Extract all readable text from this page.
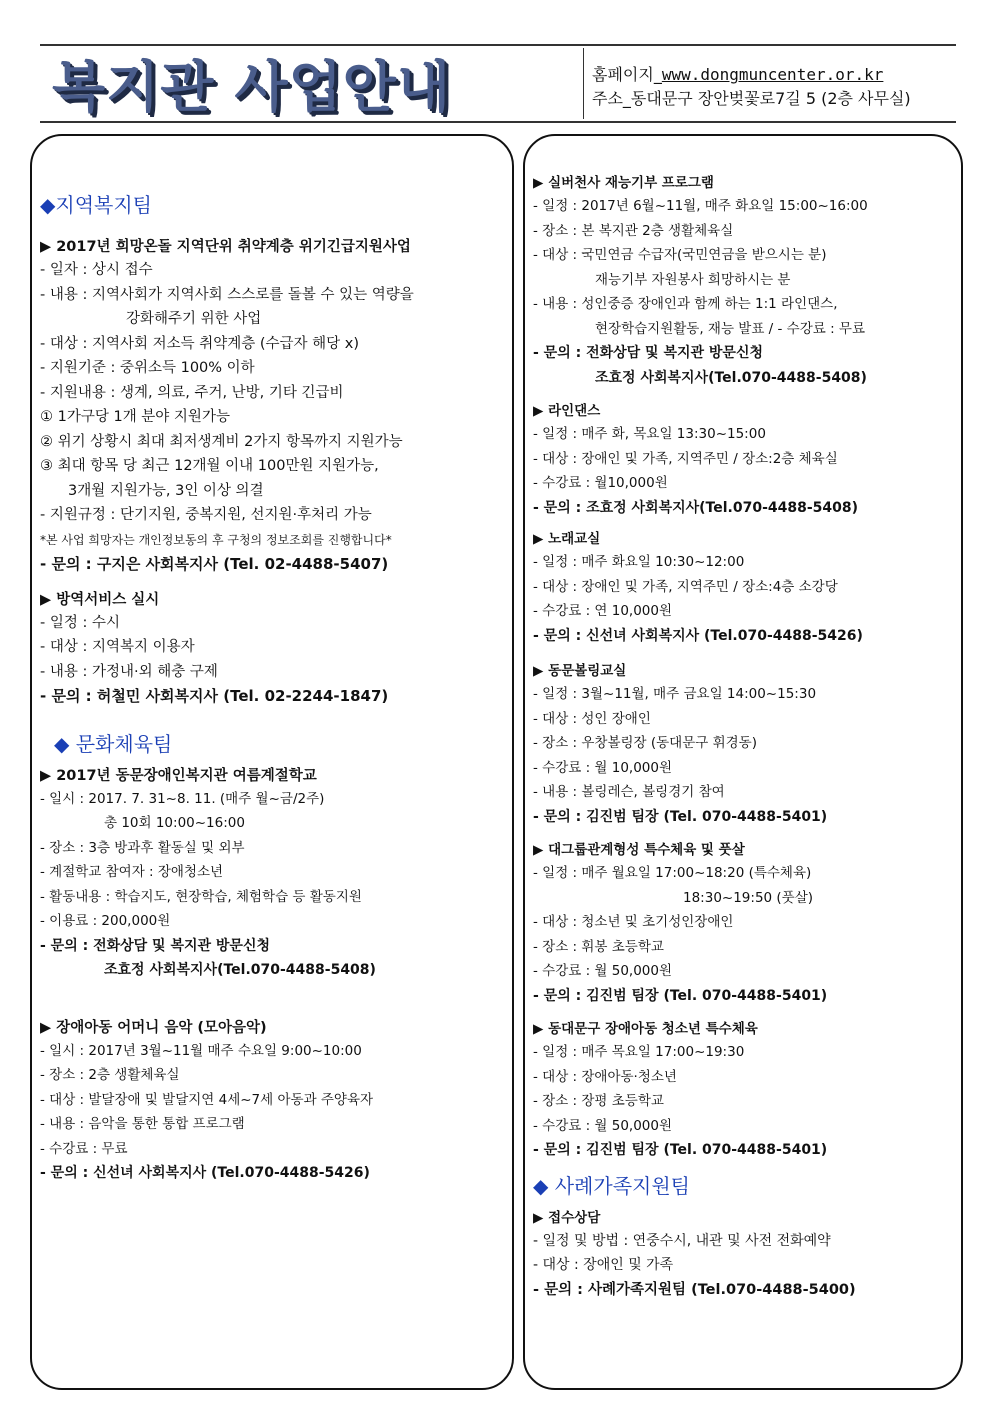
복지관 사업안내	홈페이지_www.dongmuncenter.or.kr
주소_동대문구 장안벚꽃로7길 5 (2층 사무실)
◆지역복지팀
▶ 2017년 희망온돌 지역단위 취약계층 위기긴급지원사업
- 일자 : 상시 접수
- 내용 : 지역사회가 지역사회 스스로를 돌볼 수 있는 역량을
강화해주기 위한 사업
- 대상 : 지역사회 저소득 취약계층 (수급자 해당 x)
- 지원기준 : 중위소득 100% 이하
- 지원내용 : 생계, 의료, 주거, 난방, 기타 긴급비
① 1가구당 1개 분야 지원가능
② 위기 상황시 최대 최저생계비 2가지 항목까지 지원가능
③ 최대 항목 당 최근 12개월 이내 100만원 지원가능,
3개월 지원가능, 3인 이상 의결
- 지원규정 : 단기지원, 중복지원, 선지원·후처리 가능
*본 사업 희망자는 개인정보동의 후 구청의 정보조회를 진행합니다*
- 문의 : 구지은 사회복지사 (Tel. 02-4488-5407)
▶ 방역서비스 실시
- 일정 : 수시
- 대상 : 지역복지 이용자
- 내용 : 가정내·외 해충 구제
- 문의 : 허철민 사회복지사 (Tel. 02-2244-1847)
◆ 문화체육팀
▶ 2017년 동문장애인복지관 여름계절학교
- 일시 : 2017. 7. 31~8. 11. (매주 월~금/2주)
총 10회 10:00~16:00
- 장소 : 3층 방과후 활동실 및 외부
- 계절학교 참여자 : 장애청소년
- 활동내용 : 학습지도, 현장학습, 체험학습 등 활동지원
- 이용료 : 200,000원
- 문의 : 전화상담 및 복지관 방문신청
조효정 사회복지사(Tel.070-4488-5408)
▶ 장애아동 어머니 음악 (모아음악)
- 일시 : 2017년 3월~11월 매주 수요일 9:00~10:00
- 장소 : 2층 생활체육실
- 대상 : 발달장애 및 발달지연 4세~7세 아동과 주양육자
- 내용 : 음악을 통한 통합 프로그램
- 수강료 : 무료
- 문의 : 신선녀 사회복지사 (Tel.070-4488-5426)
▶ 실버천사 재능기부 프로그램
- 일정 : 2017년 6월~11월, 매주 화요일 15:00~16:00
- 장소 : 본 복지관 2층 생활체육실
- 대상 : 국민연금 수급자(국민연금을 받으시는 분)
재능기부 자원봉사 희망하시는 분
- 내용 : 성인중증 장애인과 함께 하는 1:1 라인댄스,
현장학습지원활동, 재능 발표 / - 수강료 : 무료
- 문의 : 전화상담 및 복지관 방문신청
조효정 사회복지사(Tel.070-4488-5408)
▶ 라인댄스
- 일정 : 매주 화, 목요일 13:30~15:00
- 대상 : 장애인 및 가족, 지역주민 / 장소:2층 체육실
- 수강료 : 월10,000원
- 문의 : 조효정 사회복지사(Tel.070-4488-5408)
▶ 노래교실
- 일정 : 매주 화요일 10:30~12:00
- 대상 : 장애인 및 가족, 지역주민 / 장소:4층 소강당
- 수강료 : 연 10,000원
- 문의 : 신선녀 사회복지사 (Tel.070-4488-5426)
▶ 동문볼링교실
- 일정 : 3월~11월, 매주 금요일 14:00~15:30
- 대상 : 성인 장애인
- 장소 : 우창볼링장 (동대문구 휘경동)
- 수강료 : 월 10,000원
- 내용 : 볼링레슨, 볼링경기 참여
- 문의 : 김진범 팀장 (Tel. 070-4488-5401)
▶ 대그룹관계형성 특수체육 및 풋살
- 일정 : 매주 월요일 17:00~18:20 (특수체육)
18:30~19:50 (풋살)
- 대상 : 청소년 및 초기성인장애인
- 장소 : 휘봉 초등학교
- 수강료 : 월 50,000원
- 문의 : 김진범 팀장 (Tel. 070-4488-5401)
▶ 동대문구 장애아동 청소년 특수체육
- 일정 : 매주 목요일 17:00~19:30
- 대상 : 장애아동·청소년
- 장소 : 장평 초등학교
- 수강료 : 월 50,000원
- 문의 : 김진범 팀장 (Tel. 070-4488-5401)
◆ 사례가족지원팀
▶ 접수상담
- 일정 및 방법 : 연중수시, 내관 및 사전 전화예약
- 대상 : 장애인 및 가족
- 문의 : 사례가족지원팀 (Tel.070-4488-5400)
